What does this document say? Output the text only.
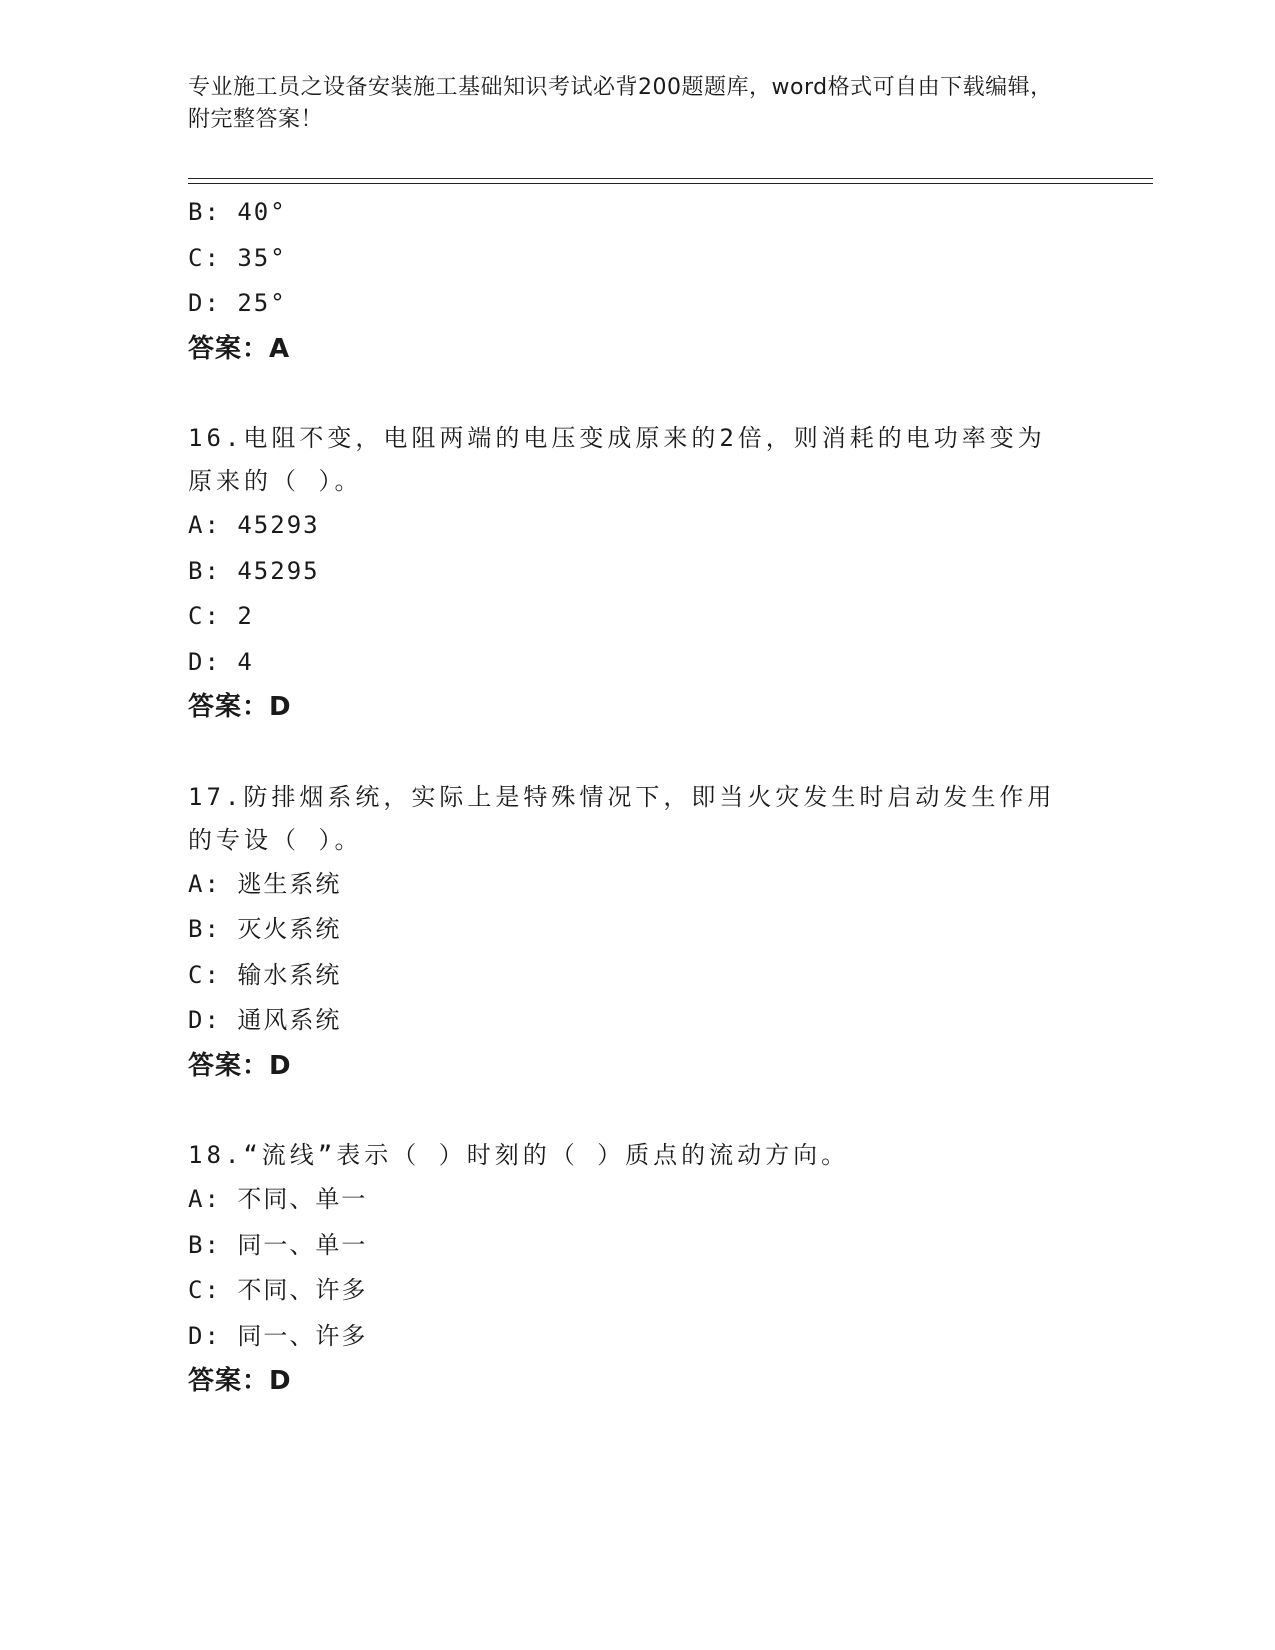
专业施工员之设备安装施工基础知识考试必背200题题库，word格式可自由下载编辑，附完整答案！
B: 40°
C: 35°
D: 25°
答案：A
16.电阻不变，电阻两端的电压变成原来的2倍，则消耗的电功率变为原来的（ ）。
A: 45293
B: 45295
C: 2
D: 4
答案：D
17.防排烟系统，实际上是特殊情况下，即当火灾发生时启动发生作用的专设（ ）。
A: 逃生系统
B: 灭火系统
C: 输水系统
D: 通风系统
答案：D
18.“流线”表示（ ）时刻的（ ）质点的流动方向。
A: 不同、单一
B: 同一、单一
C: 不同、许多
D: 同一、许多
答案：D
